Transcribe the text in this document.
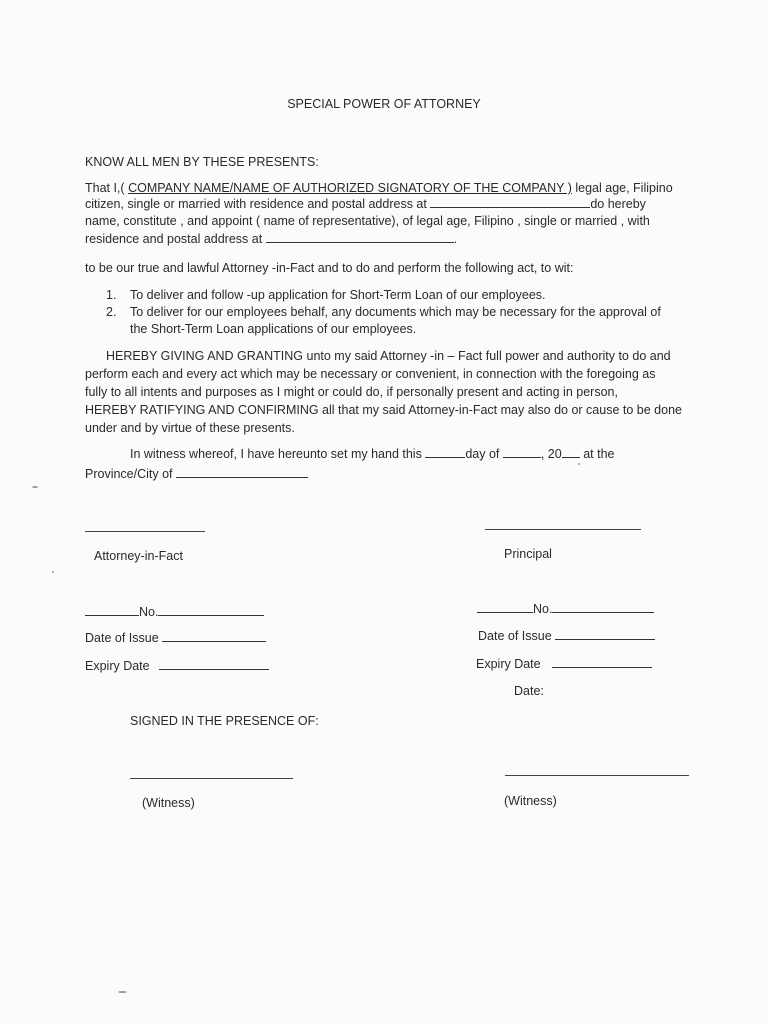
SPECIAL POWER OF ATTORNEY
KNOW ALL MEN BY THESE PRESENTS:
That I,( COMPANY NAME/NAME OF AUTHORIZED SIGNATORY OF THE COMPANY ) legal age, Filipino
citizen, single or married with residence and postal address at	do hereby
name, constitute , and appoint ( name of representative), of legal age, Filipino , single or married , with
residence and postal address at	.
to be our true and lawful Attorney -in-Fact and to do and perform the following act, to wit:
1. To deliver and follow -up application for Short-Term Loan of our employees.
2. To deliver for our employees behalf, any documents which may be necessary for the approval of
the Short-Term Loan applications of our employees.
HEREBY GIVING AND GRANTING unto my said Attorney -in – Fact full power and authority to do and
perform each and every act which may be necessary or convenient, in connection with the foregoing as
fully to all intents and purposes as I might or could do, if personally present and acting in person,
HEREBY RATIFYING AND CONFIRMING all that my said Attorney-in-Fact may also do or cause to be done
under and by virtue of these presents.
In witness whereof, I have hereunto set my hand this	day of	, 20 at the
Province/City of
Attorney-in-Fact	Principal
No.
Date of Issue
Expiry Date
No.
Date of Issue
Expiry Date
Date:
SIGNED IN THE PRESENCE OF:
(Witness)	(Witness)
